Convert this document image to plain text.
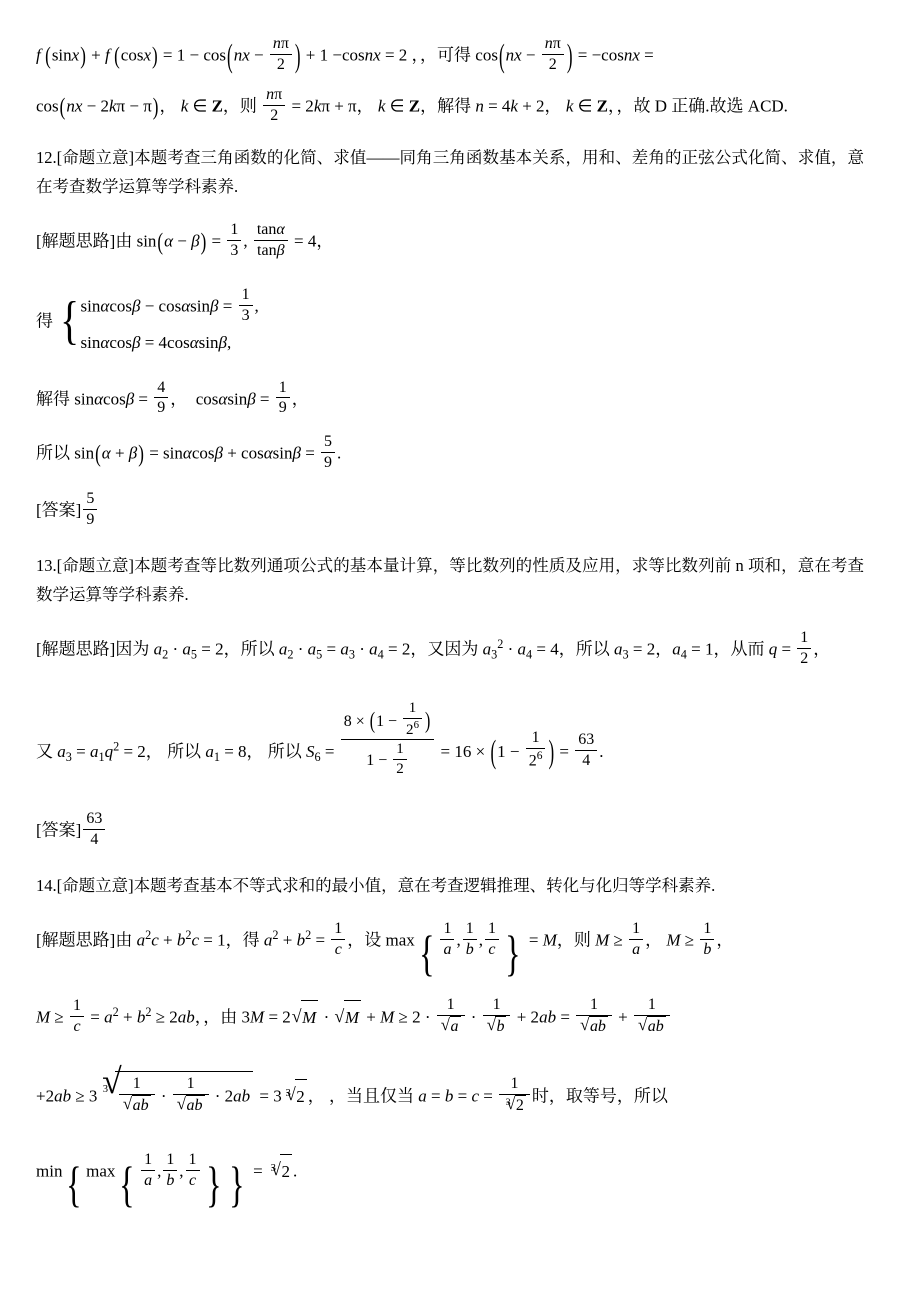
f  (sinx) + f  $(\cos x) = 1 - \cos(nx - \frac{n\pi}{2}$ ) + 1 −cosnx = 2 ，，可得 $\cos(nx - \frac{n\pi}{2}$ ) = −cosnx =
cos(nx − 2kπ − π)， k ∈ Z，则 $\frac{n\pi}{2} = 2k\pi + \pi$， k ∈ Z，解得 n = 4k + 2， k ∈ Z，，故 D 正确.故选 ACD.
12.[命题立意]本题考查三角函数的化简、求值——同角三角函数基本关系，用和、差角的正弦公式化简、求值，意在考查数学运算等学科素养.
[解题思路]由 $\sin(\alpha - \beta) = \frac{1}{3}$ , $\frac{\tan\alpha}{\tan\beta} = 4$，
得 { $\sin\alpha\cos\beta - \cos\alpha\sin\beta = \frac{1}{3}$ ,
sinαcosβ = 4cosαsinβ,
解得 $\sin\alpha\cos\beta = \frac{4}{9}$ ，  $\cos\alpha\sin\beta = \frac{1}{9}$ ，
所以 $\sin(\alpha + \beta) = \sin\alpha\cos\beta + \cos\alpha\sin\beta = \frac{5}{9}$ .
[答案] $\frac{5}{9}$
13.[命题立意]本题考查等比数列通项公式的基本量计算，等比数列的性质及应用，求等比数列前 n 项和，意在考查数学运算等学科素养.
[解题思路]因为 $a_2 \cdot a_5 = 2$，所以 $a_2 \cdot a_5 = a_3 \cdot a_4 = 2$，又因为 $a_3^2 \cdot a_4 = 4$，所以 $a_3 = 2$，$a_4 = 1$，从而 $q = \frac{1}{2}$ ，
又 $a_3 = a_1q^2 = 2$， 所以 $a_1 = 8$， 所以 $S_6 = \frac{8 \times (1 - \frac{1}{2^6} )}{1 - \frac{1}{2}} = 16 \times (1 - \frac{1}{2^6}$ ) = $\frac{63}{4}$ .
[答案] $\frac{63}{4}$
14.[命题立意]本题考查基本不等式求和的最小值，意在考查逻辑推理、转化与化归等学科素养.
[解题思路]由 $a^2c + b^2c = 1$，得 $a^2 + b^2 = \frac{1}{c}$ ，设 $\max\{ \frac{1}{a}$ , $\frac{1}{b}$ , $\frac{1}{c}$ } = M，则 $M \ge \frac{1}{a}$ ， $M \ge \frac{1}{b}$ ，
$M \ge \frac{1}{c} = a^2 + b^2 \ge 2ab$，，由 3M = 2 √ M · √ M + M ≥ 2 · 1
√ a · 1
√ b + 2ab = 1
√ ab + 1
√ ab
+2ab ≥ 3 $^3$ √ 1
√ ab · 1
√ ab · 2ab = 3 $^3$ √ 2 ， ，当且仅当 $a = b = c = \frac{1}{^3 √ 2}$ 时，取等号，所以
min{ $\max\{ \frac{1}{a}$ , $\frac{1}{b}$ , $\frac{1}{c}$ } } = $^3$ √ 2 .
